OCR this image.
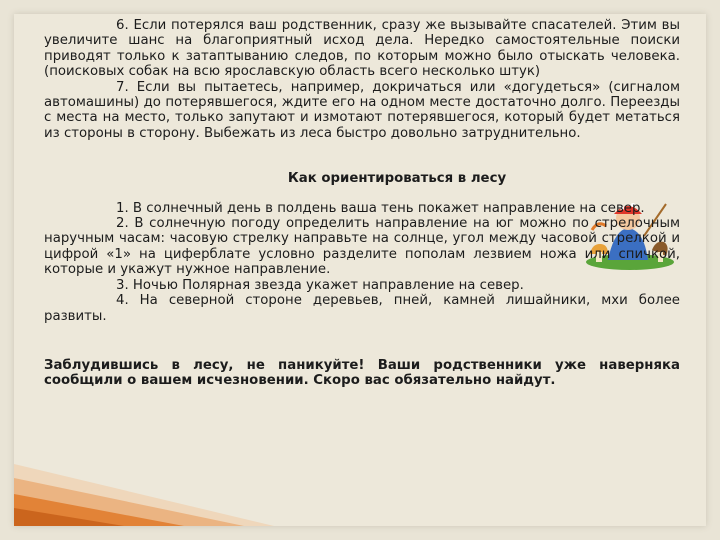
6. Если потерялся ваш родственник, сразу же вызывайте спасателей. Этим вы увеличите шанс на благоприятный исход дела. Нередко самостоятельные поиски приводят только к затаптыванию следов, по которым можно было отыскать человека. (поисковых собак на всю ярославскую область всего несколько штук)

7. Если вы пытаетесь, например, докричаться или «догудеться» (сигналом автомашины) до потерявшегося, ждите его на одном месте достаточно долго. Переезды с места на место, только запутают и измотают потерявшегося, который будет метаться из стороны в сторону. Выбежать из леса быстро довольно затруднительно.

Как ориентироваться в лесу

1. В солнечный день в полдень ваша тень покажет направление на север.

2. В солнечную погоду определить направление на юг можно по стрелочным наручным часам: часовую стрелку направьте на солнце, угол между часовой стрелкой и цифрой «1» на циферблате условно разделите пополам лезвием ножа или спичкой, которые и укажут нужное направление.

3. Ночью Полярная звезда укажет направление на север.

4. На северной стороне деревьев, пней, камней лишайники, мхи более развиты.

Заблудившись в лесу, не паникуйте! Ваши родственники уже наверняка сообщили о вашем исчезновении. Скоро вас обязательно найдут.
